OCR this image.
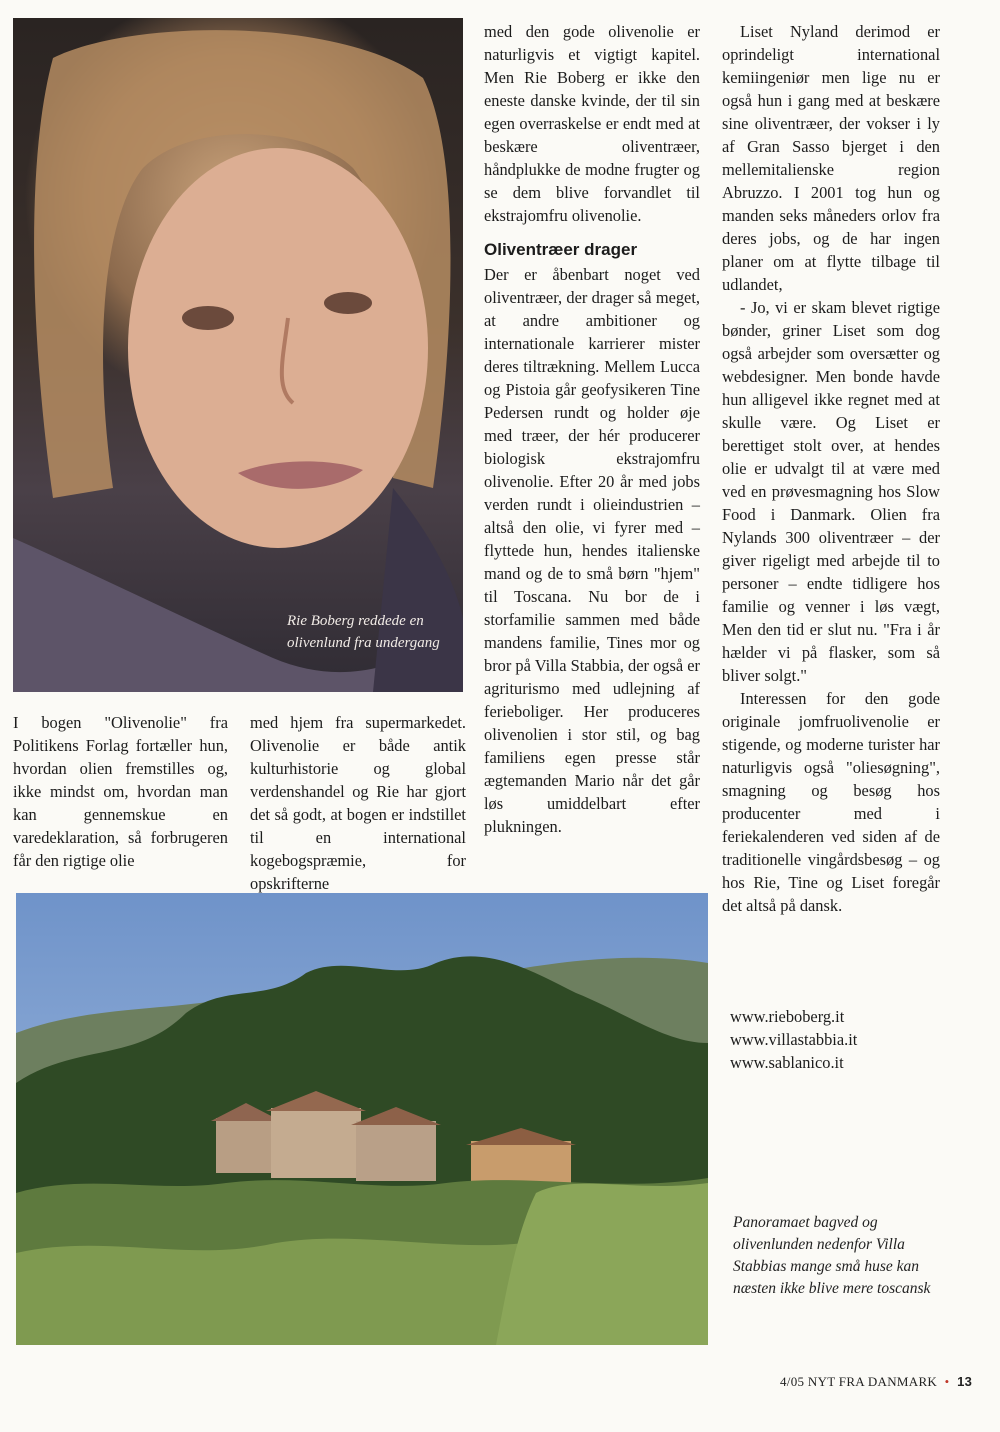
Rie Boberg reddede en olivenlund fra undergang

I bogen "Olivenolie" fra Politikens Forlag fortæller hun, hvordan olien fremstilles og, ikke mindst om, hvordan man kan gennemskue en varedeklaration, så forbrugeren får den rigtige olie

med hjem fra supermarkedet. Olivenolie er både antik kulturhistorie og global verdenshandel og Rie har gjort det så godt, at bogen er indstillet til en international kogebogspræmie, for opskrifterne

med den gode olivenolie er naturligvis et vigtigt kapitel. Men Rie Boberg er ikke den eneste danske kvinde, der til sin egen overraskelse er endt med at beskære oliventræer, håndplukke de modne frugter og se dem blive forvandlet til ekstrajomfru olivenolie.

Oliventræer drager

Der er åbenbart noget ved oliventræer, der drager så meget, at andre ambitioner og internationale karrierer mister deres tiltrækning. Mellem Lucca og Pistoia går geofysikeren Tine Pedersen rundt og holder øje med træer, der hér producerer biologisk ekstrajomfru olivenolie. Efter 20 år med jobs verden rundt i olieindustrien – altså den olie, vi fyrer med – flyttede hun, hendes italienske mand og de to små børn "hjem" til Toscana. Nu bor de i storfamilie sammen med både mandens familie, Tines mor og bror på Villa Stabbia, der også er agriturismo med udlejning af ferieboliger. Her produceres olivenolien i stor stil, og bag familiens egen presse står ægtemanden Mario når det går løs umiddelbart efter plukningen.

Liset Nyland derimod er oprindeligt international kemiingeniør men lige nu er også hun i gang med at beskære sine oliventræer, der vokser i ly af Gran Sasso bjerget i den mellemitalienske region Abruzzo. I 2001 tog hun og manden seks måneders orlov fra deres jobs, og de har ingen planer om at flytte tilbage til udlandet,

- Jo, vi er skam blevet rigtige bønder, griner Liset som dog også arbejder som oversætter og webdesigner. Men bonde havde hun alligevel ikke regnet med at skulle være. Og Liset er berettiget stolt over, at hendes olie er udvalgt til at være med ved en prøvesmagning hos Slow Food i Danmark. Olien fra Nylands 300 oliventræer – der giver rigeligt med arbejde til to personer – endte tidligere hos familie og venner i løs vægt, Men den tid er slut nu. "Fra i år hælder vi på flasker, som så bliver solgt."

Interessen for den gode originale jomfruolivenolie er stigende, og moderne turister har naturligvis også "oliesøgning", smagning og besøg hos producenter med i feriekalenderen ved siden af de traditionelle vingårdsbesøg – og hos Rie, Tine og Liset foregår det altså på dansk.

www.rieboberg.it

www.villastabbia.it

www.sablanico.it

Panoramaet bagved og olivenlunden nedenfor Villa Stabbias mange små huse kan næsten ikke blive mere toscansk
4/05 NYT FRA DANMARK • 13
